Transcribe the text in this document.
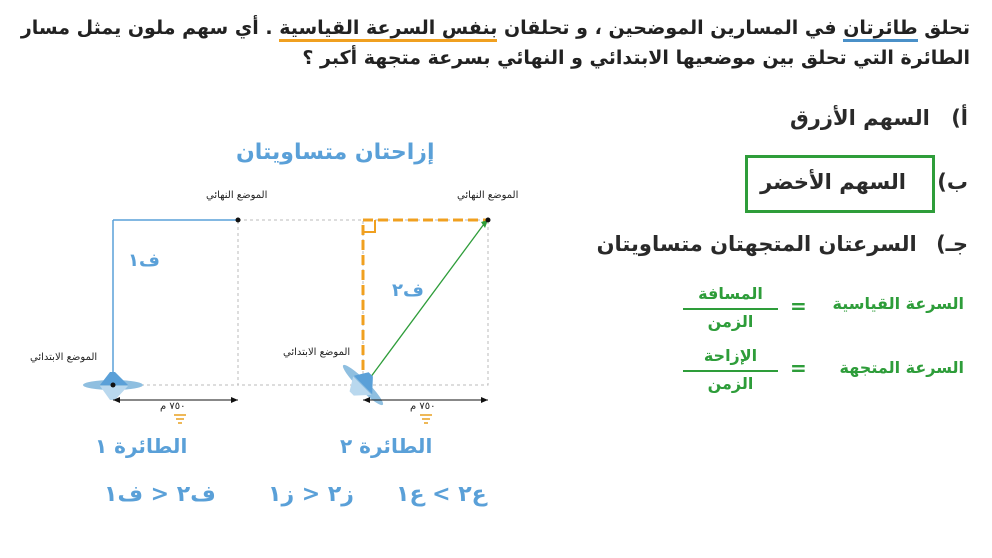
تحلق طائرتان في المسارين الموضحين ، و تحلقان بنفس السرعة القياسية . أي سهم ملون يمثل مسار
الطائرة التي تحلق بين موضعيها الابتدائي و النهائي بسرعة متجهة أكبر ؟
أ) السهم الأزرق
ب) السهم الأخضر
جـ) السرعتان المتجهتان متساويتان
السرعة القياسية
=
المسافة
الزمن
السرعة المتجهة
=
الإزاحة
الزمن
إزاحتان متساويتان
الموضع النهائي	الموضع النهائي
الموضع الابتدائي	الموضع الابتدائي
ف١
ف٢
٧٥٠ م	٧٥٠ م
الطائرة ١	الطائرة ٢
ع٢ > ع١
ز٢ < ز١
ف٢ < ف١
